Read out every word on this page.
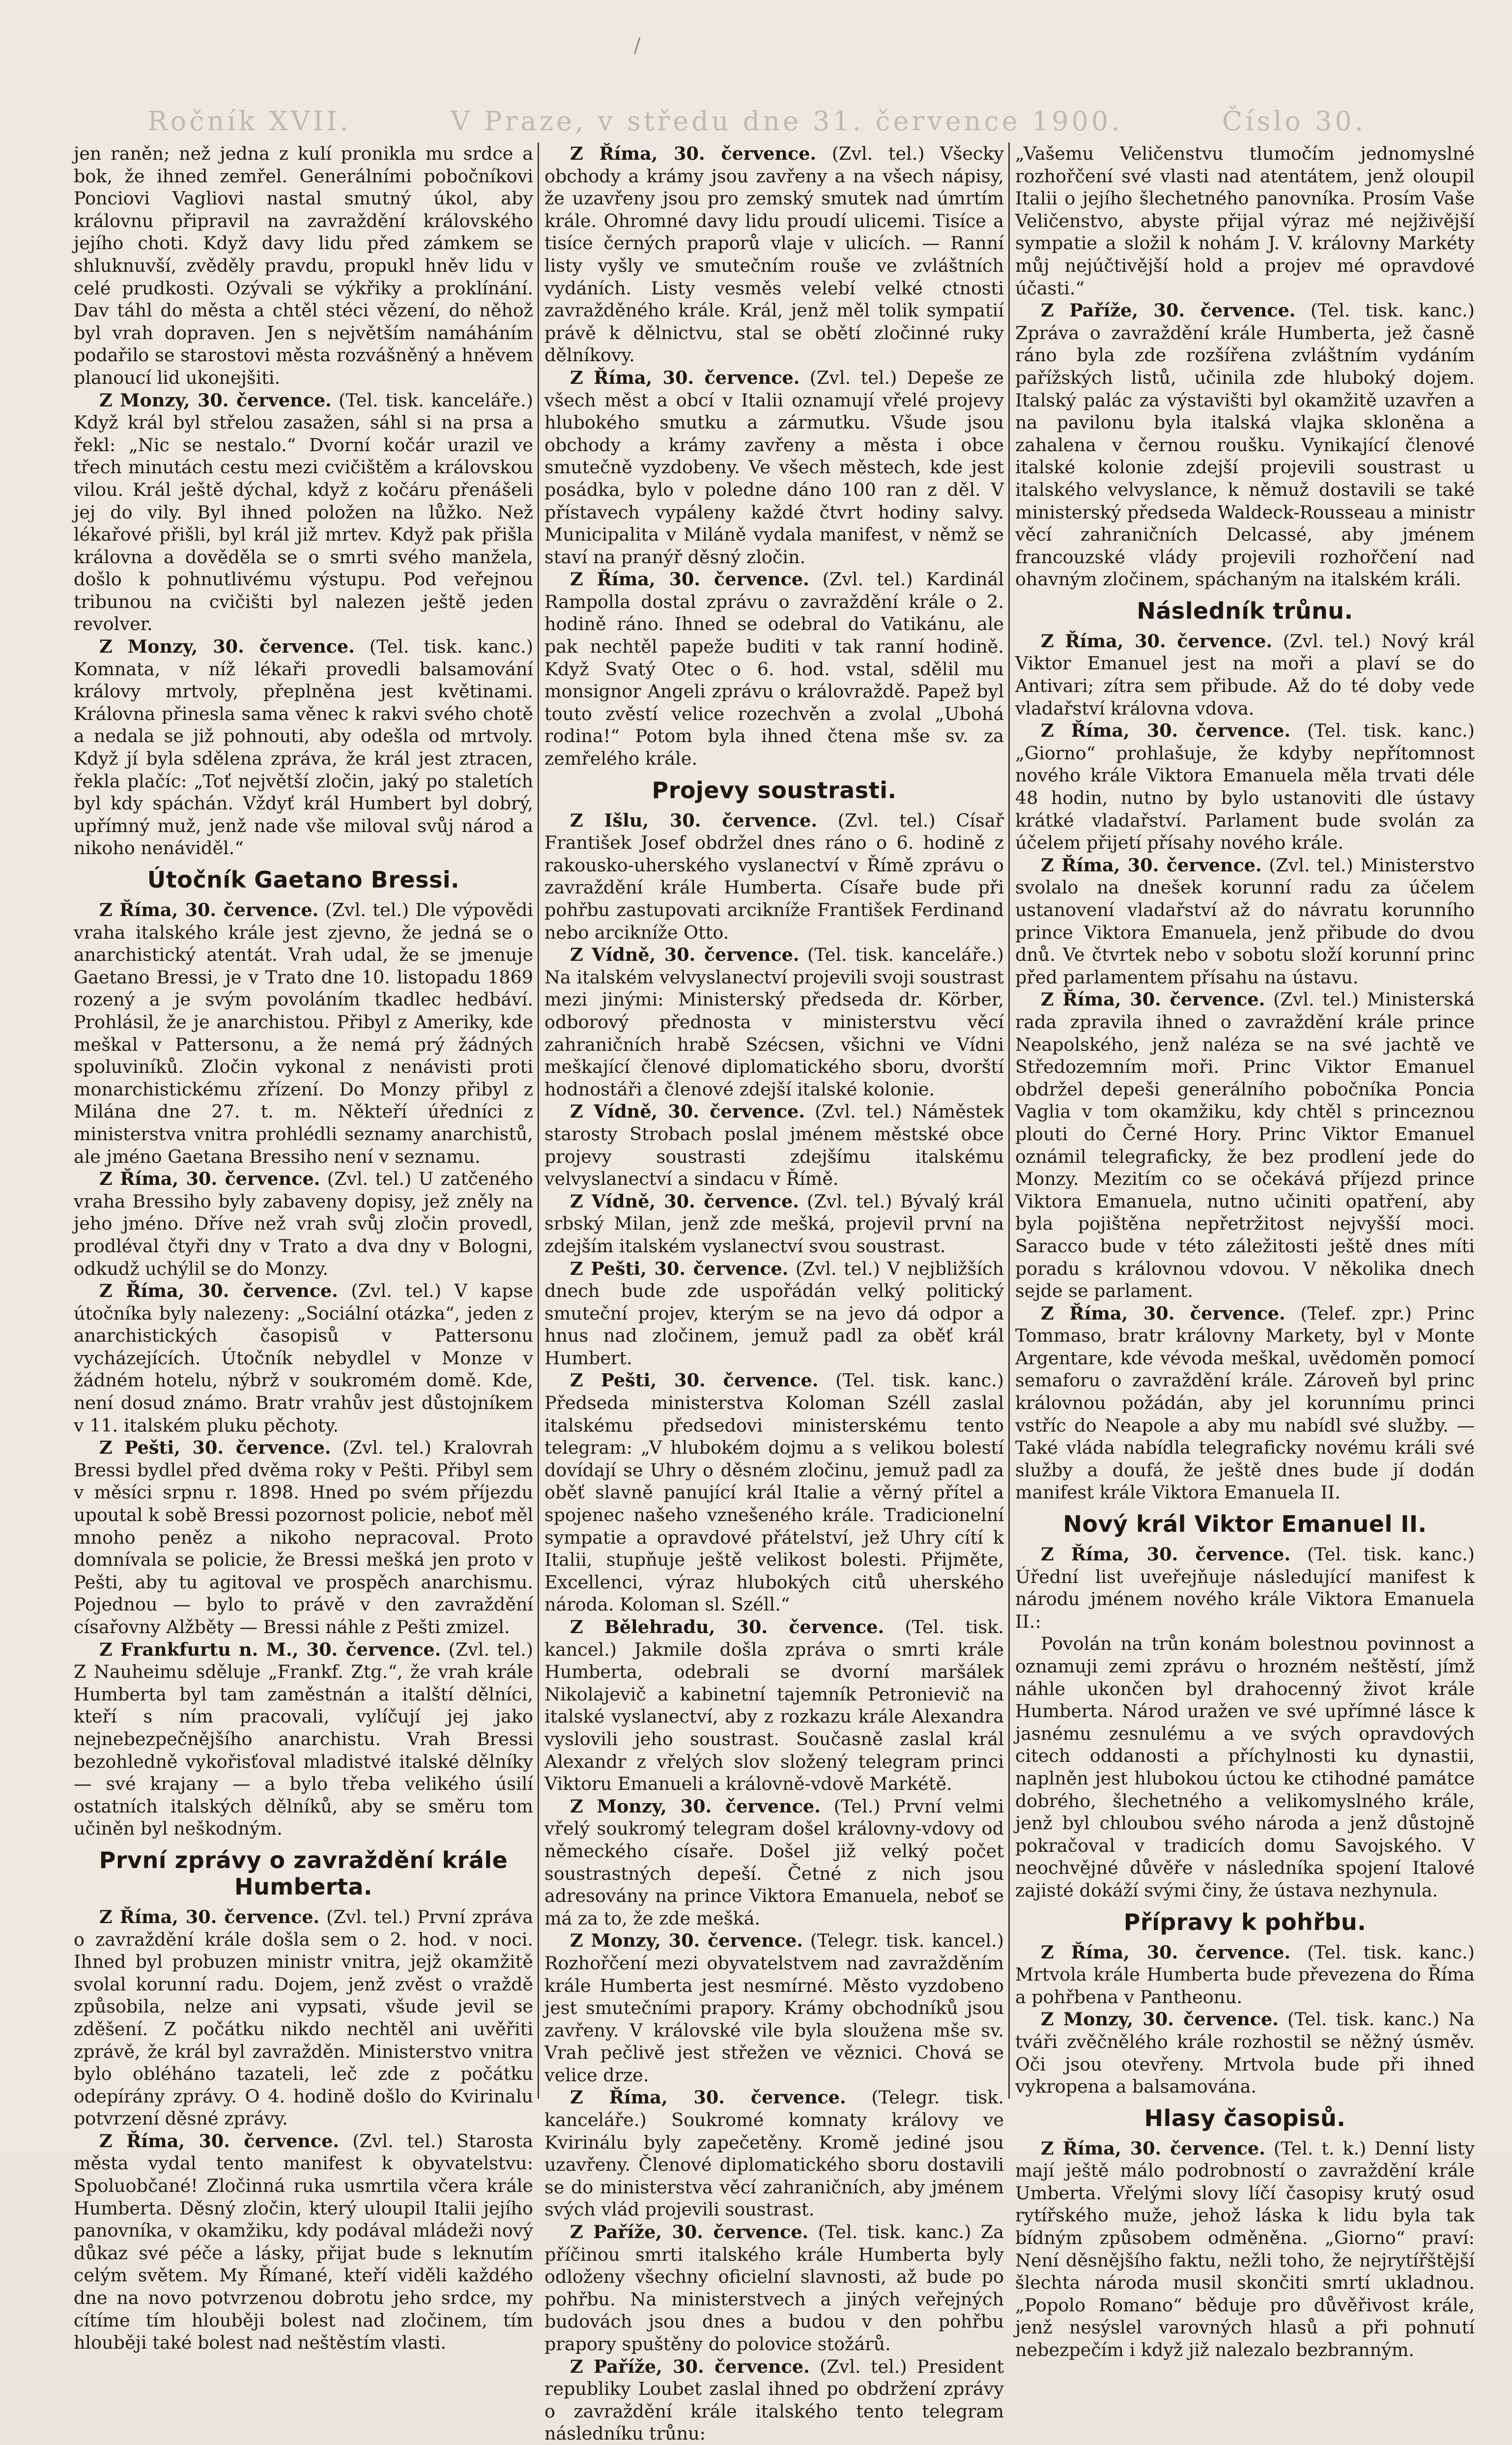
/
Ročník XVII.	V Praze, v středu dne 31. července 1900.	Číslo 30.

jen raněn; než jedna z kulí pronikla mu srdce a bok, že ihned zemřel. Generálními pobočníkovi Ponciovi Vagliovi nastal smutný úkol, aby královnu připravil na zavraždění královského jejího choti. Když davy lidu před zámkem se shluknuvší, zvěděly pravdu, propukl hněv lidu v celé prudkosti. Ozývali se výkřiky a proklínání. Dav táhl do města a chtěl stéci vězení, do něhož byl vrah dopraven. Jen s největším namáháním podařilo se starostovi města rozvášněný a hněvem planoucí lid ukonejšiti.

Z Monzy, 30. července. (Tel. tisk. kanceláře.) Když král byl střelou zasažen, sáhl si na prsa a řekl: „Nic se nestalo.“ Dvorní kočár urazil ve třech minutách cestu mezi cvičištěm a královskou vilou. Král ještě dýchal, když z kočáru přenášeli jej do vily. Byl ihned položen na lůžko. Než lékařové přišli, byl král již mrtev. Když pak přišla královna a dověděla se o smrti svého manžela, došlo k pohnutlivému výstupu. Pod veřejnou tribunou na cvičišti byl nalezen ještě jeden revolver.

Z Monzy, 30. července. (Tel. tisk. kanc.) Komnata, v níž lékaři provedli balsamování královy mrtvoly, přeplněna jest květinami. Královna přinesla sama věnec k rakvi svého chotě a nedala se již pohnouti, aby odešla od mrtvoly. Když jí byla sdělena zpráva, že král jest ztracen, řekla plačíc: „Toť největší zločin, jaký po staletích byl kdy spáchán. Vždyť král Humbert byl dobrý, upřímný muž, jenž nade vše miloval svůj národ a nikoho nenáviděl.“

Útočník Gaetano Bressi.

Z Říma, 30. července. (Zvl. tel.) Dle výpovědi vraha italského krále jest zjevno, že jedná se o anarchistický atentát. Vrah udal, že se jmenuje Gaetano Bressi, je v Trato dne 10. listopadu 1869 rozený a je svým povoláním tkadlec hedbáví. Prohlásil, že je anarchistou. Přibyl z Ameriky, kde meškal v Pattersonu, a že nemá prý žádných spoluviníků. Zločin vykonal z nenávisti proti monarchistickému zřízení. Do Monzy přibyl z Milána dne 27. t. m. Někteří úředníci z ministerstva vnitra prohlédli seznamy anarchistů, ale jméno Gaetana Bressiho není v seznamu.

Z Říma, 30. července. (Zvl. tel.) U zatčeného vraha Bressiho byly zabaveny dopisy, jež zněly na jeho jméno. Dříve než vrah svůj zločin provedl, prodléval čtyři dny v Trato a dva dny v Bologni, odkudž uchýlil se do Monzy.

Z Říma, 30. července. (Zvl. tel.) V kapse útočníka byly nalezeny: „Sociální otázka“, jeden z anarchistických časopisů v Pattersonu vycházejících. Útočník nebydlel v Monze v žádném hotelu, nýbrž v soukromém domě. Kde, není dosud známo. Bratr vrahův jest důstojníkem v 11. italském pluku pěchoty.

Z Pešti, 30. července. (Zvl. tel.) Kralovrah Bressi bydlel před dvěma roky v Pešti. Přibyl sem v měsíci srpnu r. 1898. Hned po svém příjezdu upoutal k sobě Bressi pozornost policie, neboť měl mnoho peněz a nikoho nepracoval. Proto domnívala se policie, že Bressi mešká jen proto v Pešti, aby tu agitoval ve prospěch anarchismu. Pojednou — bylo to právě v den zavraždění císařovny Alžběty — Bressi náhle z Pešti zmizel.

Z Frankfurtu n. M., 30. července. (Zvl. tel.) Z Nauheimu sděluje „Frankf. Ztg.“, že vrah krále Humberta byl tam zaměstnán a italští dělníci, kteří s ním pracovali, vylíčují jej jako nejnebezpečnějšího anarchistu. Vrah Bressi bezohledně vykořisťoval mladistvé italské dělníky — své krajany — a bylo třeba velikého úsilí ostatních italských dělníků, aby se směru tom učiněn byl neškodným.

První zprávy o zavraždění krále Humberta.

Z Říma, 30. července. (Zvl. tel.) První zpráva o zavraždění krále došla sem o 2. hod. v noci. Ihned byl probuzen ministr vnitra, jejž okamžitě svolal korunní radu. Dojem, jenž zvěst o vraždě způsobila, nelze ani vypsati, všude jevil se zděšení. Z počátku nikdo nechtěl ani uvěřiti zprávě, že král byl zavražděn. Ministerstvo vnitra bylo obléháno tazateli, leč zde z počátku odepírány zprávy. O 4. hodině došlo do Kvirinalu potvrzení děsné zprávy.

Z Říma, 30. července. (Zvl. tel.) Starosta města vydal tento manifest k obyvatelstvu: Spoluobčané! Zločinná ruka usmrtila včera krále Humberta. Děsný zločin, který uloupil Italii jejího panovníka, v okamžiku, kdy podával mládeži nový důkaz své péče a lásky, přijat bude s leknutím celým světem. My Římané, kteří viděli každého dne na novo potvrzenou dobrotu jeho srdce, my cítíme tím hlouběji bolest nad zločinem, tím hlouběji také bolest nad neštěstím vlasti.

Z Říma, 30. července. (Zvl. tel.) Všecky obchody a krámy jsou zavřeny a na všech nápisy, že uzavřeny jsou pro zemský smutek nad úmrtím krále. Ohromné davy lidu proudí ulicemi. Tisíce a tisíce černých praporů vlaje v ulicích. — Ranní listy vyšly ve smutečním rouše ve zvláštních vydáních. Listy vesměs velebí velké ctnosti zavražděného krále. Král, jenž měl tolik sympatií právě k dělnictvu, stal se obětí zločinné ruky dělníkovy.

Z Říma, 30. července. (Zvl. tel.) Depeše ze všech měst a obcí v Italii oznamují vřelé projevy hlubokého smutku a zármutku. Všude jsou obchody a krámy zavřeny a města i obce smutečně vyzdobeny. Ve všech městech, kde jest posádka, bylo v poledne dáno 100 ran z děl. V přístavech vypáleny každé čtvrt hodiny salvy. Municipalita v Miláně vydala manifest, v němž se staví na pranýř děsný zločin.

Z Říma, 30. července. (Zvl. tel.) Kardinál Rampolla dostal zprávu o zavraždění krále o 2. hodině ráno. Ihned se odebral do Vatikánu, ale pak nechtěl papeže buditi v tak ranní hodině. Když Svatý Otec o 6. hod. vstal, sdělil mu monsignor Angeli zprávu o královraždě. Papež byl touto zvěstí velice rozechvěn a zvolal „Ubohá rodina!“ Potom byla ihned čtena mše sv. za zemřelého krále.

Projevy soustrasti.

Z Išlu, 30. července. (Zvl. tel.) Císař František Josef obdržel dnes ráno o 6. hodině z rakousko-uherského vyslanectví v Římě zprávu o zavraždění krále Humberta. Císaře bude při pohřbu zastupovati arcikníže František Ferdinand nebo arcikníže Otto.

Z Vídně, 30. července. (Tel. tisk. kanceláře.) Na italském velvyslanectví projevili svoji soustrast mezi jinými: Ministerský předseda dr. Körber, odborový přednosta v ministerstvu věcí zahraničních hrabě Szécsen, všichni ve Vídni meškající členové diplomatického sboru, dvorští hodnostáři a členové zdejší italské kolonie.

Z Vídně, 30. července. (Zvl. tel.) Náměstek starosty Strobach poslal jménem městské obce projevy soustrasti zdejšímu italskému velvyslanectví a sindacu v Římě.

Z Vídně, 30. července. (Zvl. tel.) Bývalý král srbský Milan, jenž zde mešká, projevil první na zdejším italském vyslanectví svou soustrast.

Z Pešti, 30. července. (Zvl. tel.) V nejbližších dnech bude zde uspořádán velký politický smuteční projev, kterým se na jevo dá odpor a hnus nad zločinem, jemuž padl za oběť král Humbert.

Z Pešti, 30. července. (Tel. tisk. kanc.) Předseda ministerstva Koloman Széll zaslal italskému předsedovi ministerskému tento telegram: „V hlubokém dojmu a s velikou bolestí dovídají se Uhry o děsném zločinu, jemuž padl za oběť slavně panující král Italie a věrný přítel a spojenec našeho vznešeného krále. Tradicionelní sympatie a opravdové přátelství, jež Uhry cítí k Italii, stupňuje ještě velikost bolesti. Přijměte, Excellenci, výraz hlubokých citů uherského národa. Koloman sl. Széll.“

Z Bělehradu, 30. července. (Tel. tisk. kancel.) Jakmile došla zpráva o smrti krále Humberta, odebrali se dvorní maršálek Nikolajevič a kabinetní tajemník Petronievič na italské vyslanectví, aby z rozkazu krále Alexandra vyslovili jeho soustrast. Současně zaslal král Alexandr z vřelých slov složený telegram princi Viktoru Emanueli a královně-vdově Markétě.

Z Monzy, 30. července. (Tel.) První velmi vřelý soukromý telegram došel královny-vdovy od německého císaře. Došel již velký počet soustrastných depeší. Četné z nich jsou adresovány na prince Viktora Emanuela, neboť se má za to, že zde mešká.

Z Monzy, 30. července. (Telegr. tisk. kancel.) Rozhořčení mezi obyvatelstvem nad zavražděním krále Humberta jest nesmírné. Město vyzdobeno jest smutečními prapory. Krámy obchodníků jsou zavřeny. V královské vile byla sloužena mše sv. Vrah pečlivě jest střežen ve věznici. Chová se velice drze.

Z Říma, 30. července. (Telegr. tisk. kanceláře.) Soukromé komnaty královy ve Kvirinálu byly zapečetěny. Kromě jediné jsou uzavřeny. Členové diplomatického sboru dostavili se do ministerstva věcí zahraničních, aby jménem svých vlád projevili soustrast.

Z Paříže, 30. července. (Tel. tisk. kanc.) Za příčinou smrti italského krále Humberta byly odloženy všechny oficielní slavnosti, až bude po pohřbu. Na ministerstvech a jiných veřejných budovách jsou dnes a budou v den pohřbu prapory spuštěny do polovice stožárů.

Z Paříže, 30. července. (Zvl. tel.) President republiky Loubet zaslal ihned po obdržení zprávy o zavraždění krále italského tento telegram následníku trůnu:

„Vašemu Veličenstvu tlumočím jednomyslné rozhořčení své vlasti nad atentátem, jenž oloupil Italii o jejího šlechetného panovníka. Prosím Vaše Veličenstvo, abyste přijal výraz mé nejživější sympatie a složil k nohám J. V. královny Markéty můj nejúčtivější hold a projev mé opravdové účasti.“

Z Paříže, 30. července. (Tel. tisk. kanc.) Zpráva o zavraždění krále Humberta, jež časně ráno byla zde rozšířena zvláštním vydáním pařížských listů, učinila zde hluboký dojem. Italský palác za výstavišti byl okamžitě uzavřen a na pavilonu byla italská vlajka skloněna a zahalena v černou roušku. Vynikající členové italské kolonie zdejší projevili soustrast u italského velvyslance, k němuž dostavili se také ministerský předseda Waldeck-Rousseau a ministr věcí zahraničních Delcassé, aby jménem francouzské vlády projevili rozhořčení nad ohavným zločinem, spáchaným na italském králi.

Následník trůnu.

Z Říma, 30. července. (Zvl. tel.) Nový král Viktor Emanuel jest na moři a plaví se do Antivari; zítra sem přibude. Až do té doby vede vladařství královna vdova.

Z Říma, 30. července. (Tel. tisk. kanc.) „Giorno“ prohlašuje, že kdyby nepřítomnost nového krále Viktora Emanuela měla trvati déle 48 hodin, nutno by bylo ustanoviti dle ústavy krátké vladařství. Parlament bude svolán za účelem přijetí přísahy nového krále.

Z Říma, 30. července. (Zvl. tel.) Ministerstvo svolalo na dnešek korunní radu za účelem ustanovení vladařství až do návratu korunního prince Viktora Emanuela, jenž přibude do dvou dnů. Ve čtvrtek nebo v sobotu složí korunní princ před parlamentem přísahu na ústavu.

Z Říma, 30. července. (Zvl. tel.) Ministerská rada zpravila ihned o zavraždění krále prince Neapolského, jenž naléza se na své jachtě ve Středozemním moři. Princ Viktor Emanuel obdržel depeši generálního pobočníka Poncia Vaglia v tom okamžiku, kdy chtěl s princeznou plouti do Černé Hory. Princ Viktor Emanuel oznámil telegraficky, že bez prodlení jede do Monzy. Mezitím co se očekává příjezd prince Viktora Emanuela, nutno učiniti opatření, aby byla pojištěna nepřetržitost nejvyšší moci. Saracco bude v této záležitosti ještě dnes míti poradu s královnou vdovou. V několika dnech sejde se parlament.

Z Říma, 30. července. (Telef. zpr.) Princ Tommaso, bratr královny Markety, byl v Monte Argentare, kde vévoda meškal, uvědoměn pomocí semaforu o zavraždění krále. Zároveň byl princ královnou požádán, aby jel korunnímu princi vstříc do Neapole a aby mu nabídl své služby. — Také vláda nabídla telegraficky novému králi své služby a doufá, že ještě dnes bude jí dodán manifest krále Viktora Emanuela II.

Nový král Viktor Emanuel II.

Z Říma, 30. července. (Tel. tisk. kanc.) Úřední list uveřejňuje následující manifest k národu jménem nového krále Viktora Emanuela II.:

Povolán na trůn konám bolestnou povinnost a oznamuji zemi zprávu o hrozném neštěstí, jímž náhle ukončen byl drahocenný život krále Humberta. Národ uražen ve své upřímné lásce k jasnému zesnulému a ve svých opravdových citech oddanosti a příchylnosti ku dynastii, naplněn jest hlubokou úctou ke ctihodné památce dobrého, šlechetného a velikomyslného krále, jenž byl chloubou svého národa a jenž důstojně pokračoval v tradicích domu Savojského. V neochvějné důvěře v následníka spojení Italové zajisté dokáží svými činy, že ústava nezhynula.

Přípravy k pohřbu.

Z Říma, 30. července. (Tel. tisk. kanc.) Mrtvola krále Humberta bude převezena do Říma a pohřbena v Pantheonu.

Z Monzy, 30. července. (Tel. tisk. kanc.) Na tváři zvěčnělého krále rozhostil se něžný úsměv. Oči jsou otevřeny. Mrtvola bude při ihned vykropena a balsamována.

Hlasy časopisů.

Z Říma, 30. července. (Tel. t. k.) Denní listy mají ještě málo podrobností o zavraždění krále Umberta. Vřelými slovy líčí časopisy krutý osud rytířského muže, jehož láska k lidu byla tak bídným způsobem odměněna. „Giorno“ praví: Není děsnějšího faktu, nežli toho, že nejrytířštější šlechta národa musil skončiti smrtí ukladnou. „Popolo Romano“ běduje pro důvěřivost krále, jenž nesýslel varovných hlasů a při pohnutí nebezpečím i když již nalezalo bezbranným.
